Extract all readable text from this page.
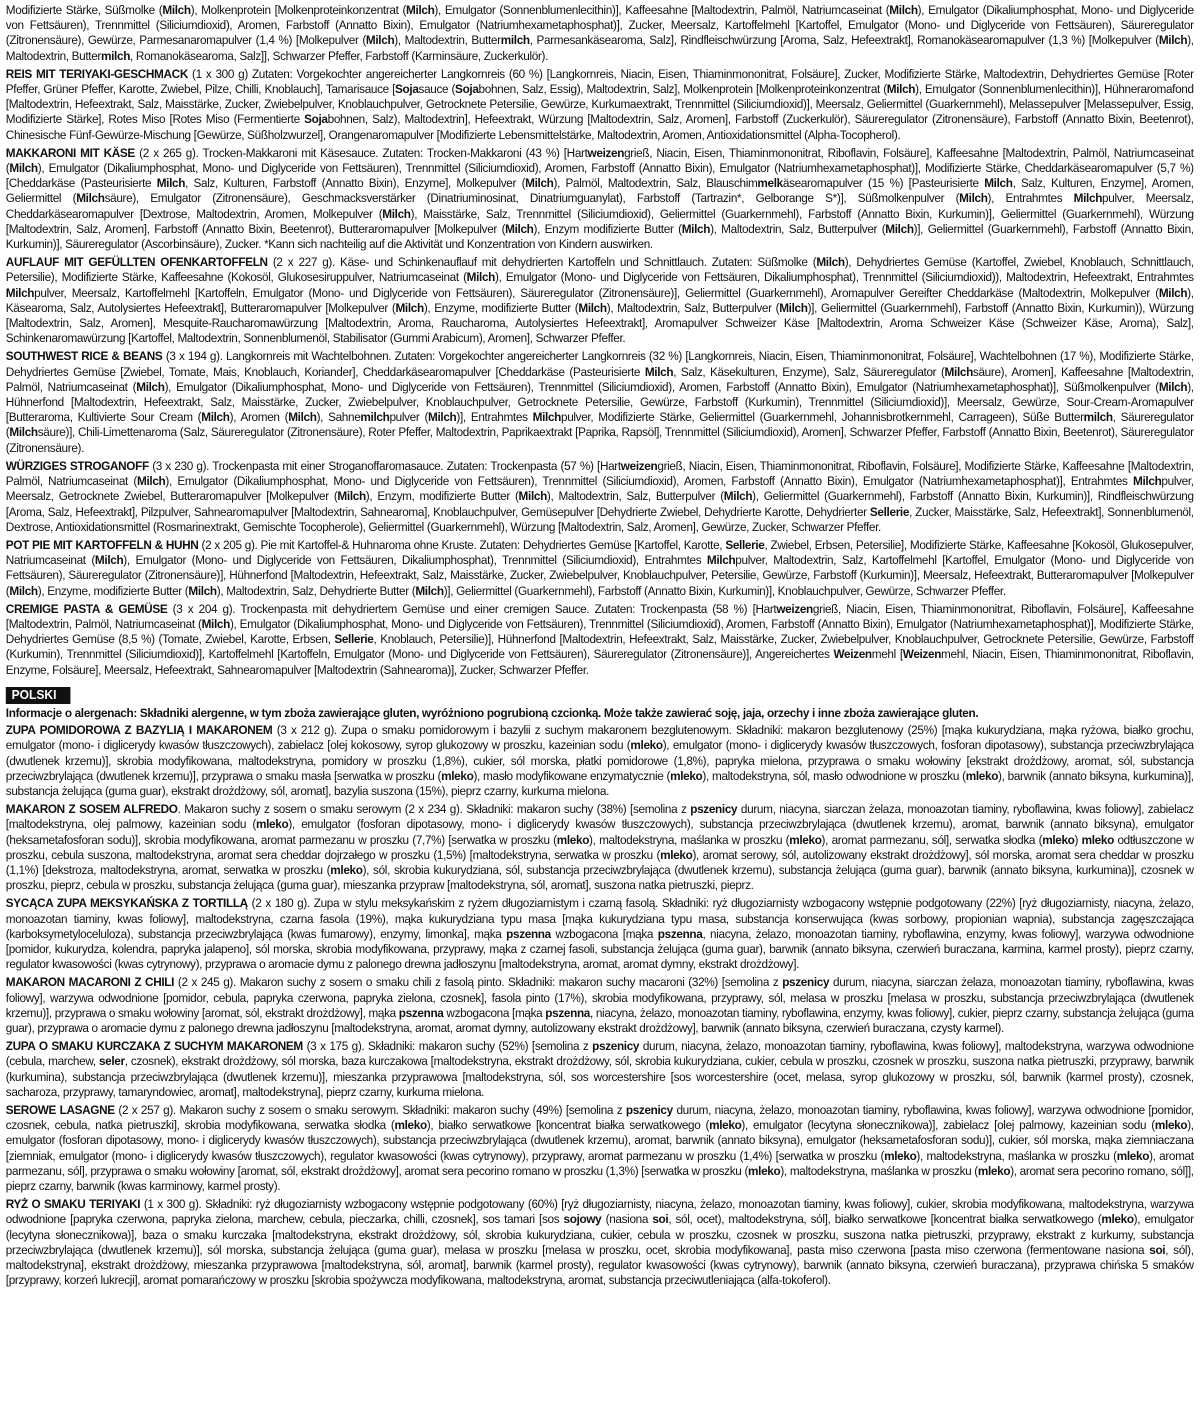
Modifizierte Stärke, Süßmolke (Milch), Molkenprotein [Molkenproteinkonzentrat (Milch), Emulgator (Sonnenblumenlecithin)], Kaffeesahne [Maltodextrin, Palmöl, Natriumcaseinat (Milch), Emulgator (Dikaliumphosphat, Mono- und Diglyceride von Fettsäuren), Trennmittel (Siliciumdioxid), Aromen, Farbstoff (Annatto Bixin), Emulgator (Natriumhexametaphosphat)], Zucker, Meersalz, Kartoffelmehl [Kartoffel, Emulgator (Mono- und Diglyceride von Fettsäuren), Säureregulator (Zitronensäure), Gewürze, Parmesanaromapulver (1,4 %) [Molkepulver (Milch), Maltodextrin, Buttermilch, Parmesankäsearoma, Salz], Rindfleischwürzung [Aroma, Salz, Hefeextrakt], Romanokäsearomapulver (1,3 %) [Molkepulver (Milch), Maltodextrin, Buttermilch, Romanokäsearoma, Salz]], Schwarzer Pfeffer, Farbstoff (Karminsäure, Zuckerkulör).
REIS MIT TERIYAKI-GESCHMACK (1 x 300 g) Zutaten: Vorgekochter angereicherter Langkornreis (60 %) [Langkornreis, Niacin, Eisen, Thiaminmononitrat, Folsäure], Zucker, Modifizierte Stärke, Maltodextrin, Dehydriertes Gemüse [Roter Pfeffer, Grüner Pfeffer, Karotte, Zwiebel, Pilze, Chilli, Knoblauch], Tamarisauce [Sojasauce (Sojabohnen, Salz, Essig), Maltodextrin, Salz], Molkenprotein [Molkenproteinkonzentrat (Milch), Emulgator (Sonnenblumenlecithin)], Hühneraromafond [Maltodextrin, Hefeextrakt, Salz, Maisstärke, Zucker, Zwiebelpulver, Knoblauchpulver, Getrocknete Petersilie, Gewürze, Kurkumaextrakt, Trennmittel (Siliciumdioxid)], Meersalz, Geliermittel (Guarkernmehl), Melassepulver [Melassepulver, Essig, Modifizierte Stärke], Rotes Miso [Rotes Miso (Fermentierte Sojabohnen, Salz), Maltodextrin], Hefeextrakt, Würzung [Maltodextrin, Salz, Aromen], Farbstoff (Zuckerkulör), Säureregulator (Zitronensäure), Farbstoff (Annatto Bixin, Beetenrot), Chinesische Fünf-Gewürze-Mischung [Gewürze, Süßholzwurzel], Orangenaromapulver [Modifizierte Lebensmittelstärke, Maltodextrin, Aromen, Antioxidationsmittel (Alpha-Tocopherol).
MAKKARONI MIT KÄSE (2 x 265 g). Trocken-Makkaroni mit Käsesauce. Zutaten: Trocken-Makkaroni (43 %) [Hartweizengrieß, Niacin, Eisen, Thiaminmononitrat, Riboflavin, Folsäure], Kaffeesahne [Maltodextrin, Palmöl, Natriumcaseinat (Milch), Emulgator (Dikaliumphosphat, Mono- und Diglyceride von Fettsäuren), Trennmittel (Siliciumdioxid), Aromen, Farbstoff (Annatto Bixin), Emulgator (Natriumhexametaphosphat)], Modifizierte Stärke, Cheddarkäsearomapulver (5,7 %) [Cheddarkäse (Pasteurisierte Milch, Salz, Kulturen, Farbstoff (Annatto Bixin), Enzyme], Molkepulver (Milch), Palmöl, Maltodextrin, Salz, Blauschimmelkäsearomapulver (15 %) [Pasteurisierte Milch, Salz, Kulturen, Enzyme], Aromen, Geliermittel (Milchsäure), Emulgator (Zitronensäure), Geschmacksverstärker (Dinatriuminosinat, Dinatriumguanylat), Farbstoff (Tartrazin*, Gelborange S*)], Süßmolkenpulver (Milch), Entrahmtes Milchpulver, Meersalz, Cheddarkäsearomapulver [Dextrose, Maltodextrin, Aromen, Molkepulver (Milch), Maisstärke, Salz, Trennmittel (Siliciumdioxid), Geliermittel (Guarkernmehl), Farbstoff (Annatto Bixin, Kurkumin)], Geliermittel (Guarkernmehl), Würzung [Maltodextrin, Salz, Aromen], Farbstoff (Annatto Bixin, Beetenrot), Butteraromapulver [Molkepulver (Milch), Enzym modifizierte Butter (Milch), Maltodextrin, Salz, Butterpulver (Milch)], Geliermittel (Guarkernmehl), Farbstoff (Annatto Bixin, Kurkumin)], Säureregulator (Ascorbinsäure), Zucker. *Kann sich nachteilig auf die Aktivität und Konzentration von Kindern auswirken.
AUFLAUF MIT GEFÜLLTEN OFENKARTOFFELN (2 x 227 g). Käse- und Schinkenauflauf mit dehydrierten Kartoffeln und Schnittlauch. Zutaten: Süßmolke (Milch), Dehydriertes Gemüse (Kartoffel, Zwiebel, Knoblauch, Schnittlauch, Petersilie), Modifizierte Stärke, Kaffeesahne (Kokosöl, Glukosesiruppulver, Natriumcaseinat (Milch), Emulgator (Mono- und Diglyceride von Fettsäuren, Dikaliumphosphat), Trennmittel (Siliciumdioxid)), Maltodextrin, Hefeextrakt, Entrahmtes Milchpulver, Meersalz, Kartoffelmehl [Kartoffeln, Emulgator (Mono- und Diglyceride von Fettsäuren), Säureregulator (Zitronensäure)], Geliermittel (Guarkernmehl), Aromapulver Gereifter Cheddarkäse (Maltodextrin, Molkepulver (Milch), Käsearoma, Salz, Autolysiertes Hefeextrakt], Butteraromapulver [Molkepulver (Milch), Enzyme, modifizierte Butter (Milch), Maltodextrin, Salz, Butterpulver (Milch)], Geliermittel (Guarkernmehl), Farbstoff (Annatto Bixin, Kurkumin)), Würzung [Maltodextrin, Salz, Aromen], Mesquite-Raucharomawürzung [Maltodextrin, Aroma, Raucharoma, Autolysiertes Hefeextrakt], Aromapulver Schweizer Käse [Maltodextrin, Aroma Schweizer Käse (Schweizer Käse, Aroma), Salz], Schinkenaromawürzung [Kartoffel, Maltodextrin, Sonnenblumenöl, Stabilisator (Gummi Arabicum), Aromen], Schwarzer Pfeffer.
SOUTHWEST RICE & BEANS (3 x 194 g). Langkornreis mit Wachtelbohnen. Zutaten: Vorgekochter angereicherter Langkornreis (32 %) [Langkornreis, Niacin, Eisen, Thiaminmononitrat, Folsäure], Wachtelbohnen (17 %), Modifizierte Stärke, Dehydriertes Gemüse [Zwiebel, Tomate, Mais, Knoblauch, Koriander], Cheddarkäsearomapulver [Cheddarkäse (Pasteurisierte Milch, Salz, Käsekulturen, Enzyme), Salz, Säureregulator (Milchsäure), Aromen], Kaffeesahne [Maltodextrin, Palmöl, Natriumcaseinat (Milch), Emulgator (Dikaliumphosphat, Mono- und Diglyceride von Fettsäuren), Trennmittel (Siliciumdioxid), Aromen, Farbstoff (Annatto Bixin), Emulgator (Natriumhexametaphosphat)], Süßmolkenpulver (Milch), Hühnerfond [Maltodextrin, Hefeextrakt, Salz, Maisstärke, Zucker, Zwiebelpulver, Knoblauchpulver, Getrocknete Petersilie, Gewürze, Farbstoff (Kurkumin), Trennmittel (Siliciumdioxid)], Meersalz, Gewürze, Sour-Cream-Aromapulver [Butteraroma, Kultivierte Sour Cream (Milch), Aromen (Milch), Sahnemilchpulver (Milch)], Entrahmtes Milchpulver, Modifizierte Stärke, Geliermittel (Guarkernmehl, Johannisbrotkernmehl, Carrageen), Süße Buttermilch, Säureregulator (Milchsäure)], Chili-Limettenaroma (Salz, Säureregulator (Zitronensäure), Roter Pfeffer, Maltodextrin, Paprikaextrakt [Paprika, Rapsöl], Trennmittel (Siliciumdioxid), Aromen], Schwarzer Pfeffer, Farbstoff (Annatto Bixin, Beetenrot), Säureregulator (Zitronensäure).
WÜRZIGES STROGANOFF (3 x 230 g). Trockenpasta mit einer Stroganoffaromasauce. Zutaten: Trockenpasta (57 %) [Hartweizengrieß, Niacin, Eisen, Thiaminmononitrat, Riboflavin, Folsäure], Modifizierte Stärke, Kaffeesahne [Maltodextrin, Palmöl, Natriumcaseinat (Milch), Emulgator (Dikaliumphosphat, Mono- und Diglyceride von Fettsäuren), Trennmittel (Siliciumdioxid), Aromen, Farbstoff (Annatto Bixin), Emulgator (Natriumhexametaphosphat)], Entrahmtes Milchpulver, Meersalz, Getrocknete Zwiebel, Butteraromapulver [Molkepulver (Milch), Enzym, modifizierte Butter (Milch), Maltodextrin, Salz, Butterpulver (Milch), Geliermittel (Guarkernmehl), Farbstoff (Annatto Bixin, Kurkumin)], Rindfleischwürzung [Aroma, Salz, Hefeextrakt], Pilzpulver, Sahnearomapulver [Maltodextrin, Sahnearoma], Knoblauchpulver, Gemüsepulver [Dehydrierte Zwiebel, Dehydrierte Karotte, Dehydrierter Sellerie, Zucker, Maisstärke, Salz, Hefeextrakt], Sonnenblumenöl, Dextrose, Antioxidationsmittel (Rosmarinextrakt, Gemischte Tocopherole), Geliermittel (Guarkernmehl), Würzung [Maltodextrin, Salz, Aromen], Gewürze, Zucker, Schwarzer Pfeffer.
POT PIE MIT KARTOFFELN & HUHN (2 x 205 g). Pie mit Kartoffel-& Huhnaroma ohne Kruste. Zutaten: Dehydriertes Gemüse [Kartoffel, Karotte, Sellerie, Zwiebel, Erbsen, Petersilie], Modifizierte Stärke, Kaffeesahne [Kokosöl, Glukosepulver, Natriumcaseinat (Milch), Emulgator (Mono- und Diglyceride von Fettsäuren, Dikaliumphosphat), Trennmittel (Siliciumdioxid), Entrahmtes Milchpulver, Maltodextrin, Salz, Kartoffelmehl [Kartoffel, Emulgator (Mono- und Diglyceride von Fettsäuren), Säureregulator (Zitronensäure)], Hühnerfond [Maltodextrin, Hefeextrakt, Salz, Maisstärke, Zucker, Zwiebelpulver, Knoblauchpulver, Petersilie, Gewürze, Farbstoff (Kurkumin)], Meersalz, Hefeextrakt, Butteraromapulver [Molkepulver (Milch), Enzyme, modifizierte Butter (Milch), Maltodextrin, Salz, Dehydrierte Butter (Milch)], Geliermittel (Guarkernmehl), Farbstoff (Annatto Bixin, Kurkumin)], Knoblauchpulver, Gewürze, Schwarzer Pfeffer.
CREMIGE PASTA & GEMÜSE (3 x 204 g). Trockenpasta mit dehydriertem Gemüse und einer cremigen Sauce. Zutaten: Trockenpasta (58 %) [Hartweizengrieß, Niacin, Eisen, Thiaminmononitrat, Riboflavin, Folsäure], Kaffeesahne [Maltodextrin, Palmöl, Natriumcaseinat (Milch), Emulgator (Dikaliumphosphat, Mono- und Diglyceride von Fettsäuren), Trennmittel (Siliciumdioxid), Aromen, Farbstoff (Annatto Bixin), Emulgator (Natriumhexametaphosphat)], Modifizierte Stärke, Dehydriertes Gemüse (8,5 %) (Tomate, Zwiebel, Karotte, Erbsen, Sellerie, Knoblauch, Petersilie)], Hühnerfond [Maltodextrin, Hefeextrakt, Salz, Maisstärke, Zucker, Zwiebelpulver, Knoblauchpulver, Getrocknete Petersilie, Gewürze, Farbstoff (Kurkumin), Trennmittel (Siliciumdioxid)], Kartoffelmehl [Kartoffeln, Emulgator (Mono- und Diglyceride von Fettsäuren), Säureregulator (Zitronensäure)], Angereichertes Weizenmehl [Weizenmehl, Niacin, Eisen, Thiaminmononitrat, Riboflavin, Enzyme, Folsäure], Meersalz, Hefeextrakt, Sahnearomapulver [Maltodextrin (Sahnearoma)], Zucker, Schwarzer Pfeffer.
POLSKI
Informacje o alergenach: Składniki alergenne, w tym zboża zawierające gluten, wyróżniono pogrubioną czcionką. Może także zawierać soję, jaja, orzechy i inne zboża zawierające gluten.
ZUPA POMIDOROWA Z BAZYLIĄ I MAKARONEM (3 x 212 g). Zupa o smaku pomidorowym i bazylii z suchym makaronem bezglutenowym. Składniki: makaron bezglutenowy (25%) [mąka kukurydziana, mąka ryżowa, białko grochu, emulgator (mono- i diglicerydy kwasów tłuszczowych), zabielacz [olej kokosowy, syrop glukozowy w proszku, kazeinian sodu (mleko), emulgator (mono- i diglicerydy kwasów tłuszczowych, fosforan dipotasowy), substancja przeciwzbrylająca (dwutlenek krzemu)], skrobia modyfikowana, maltodekstryna, pomidory w proszku (1,8%), cukier, sól morska, płatki pomidorowe (1,8%), papryka mielona, przyprawa o smaku wołowiny [ekstrakt drożdżowy, aromat, sól, substancja przeciwzbrylająca (dwutlenek krzemu)], przyprawa o smaku masła [serwatka w proszku (mleko), masło modyfikowane enzymatycznie (mleko), maltodekstryna, sól, masło odwodnione w proszku (mleko), barwnik (annato biksyna, kurkumina)], substancja żelująca (guma guar), ekstrakt drożdżowy, sól, aromat], bazylia suszona (15%), pieprz czarny, kurkuma mielona.
MAKARON Z SOSEM ALFREDO. Makaron suchy z sosem o smaku serowym (2 x 234 g). Składniki: makaron suchy (38%) [semolina z pszenicy durum, niacyna, siarczan żelaza, monoazotan tiaminy, ryboflawina, kwas foliowy], zabielacz [maltodekstryna, olej palmowy, kazeinian sodu (mleko), emulgator (fosforan dipotasowy, mono- i diglicerydy kwasów tłuszczowych), substancja przeciwzbrylająca (dwutlenek krzemu), aromat, barwnik (annato biksyna), emulgator (heksametafosforan sodu)], skrobia modyfikowana, aromat parmezanu w proszku (7,7%) [serwatka w proszku (mleko), maltodekstryna, maślanka w proszku (mleko), aromat parmezanu, sól], serwatka słodka (mleko) mleko odtłuszczone w proszku, cebula suszona, maltodekstryna, aromat sera cheddar dojrzałego w proszku (1,5%) [maltodekstryna, serwatka w proszku (mleko), aromat serowy, sól, autolizowany ekstrakt drożdżowy], sól morska, aromat sera cheddar w proszku (1,1%) [dekstroza, maltodekstryna, aromat, serwatka w proszku (mleko), sól, skrobia kukurydziana, sól, substancja przeciwzbrylająca (dwutlenek krzemu), substancja żelująca (guma guar), barwnik (annato biksyna, kurkumina)], czosnek w proszku, pieprz, cebula w proszku, substancja żelująca (guma guar), mieszanka przypraw [maltodekstryna, sól, aromat], suszona natka pietruszki, pieprz.
SYCĄCA ZUPA MEKSYKAŃSKA Z TORTILLĄ (2 x 180 g). Zupa w stylu meksykańskim z ryżem długoziarnistym i czarną fasolą. Składniki: ryż długoziarnisty wzbogacony wstępnie podgotowany (22%) [ryż długoziarnisty, niacyna, żelazo, monoazotan tiaminy, kwas foliowy], maltodekstryna, czarna fasola (19%), mąka kukurydziana typu masa [mąka kukurydziana typu masa, substancja konserwująca (kwas sorbowy, propionian wapnia), substancja zagęszczająca (karboksymetyloceluloza), substancja przeciwzbrylająca (kwas fumarowy), enzymy, limonka], mąka pszenna wzbogacona [mąka pszenna, niacyna, żelazo, monoazotan tiaminy, ryboflawina, enzymy, kwas foliowy], warzywa odwodnione [pomidor, kukurydza, kolendra, papryka jalapeno], sól morska, skrobia modyfikowana, przyprawy, mąka z czarnej fasoli, substancja żelująca (guma guar), barwnik (annato biksyna, czerwień buraczana, karmina, karmel prosty), pieprz czarny, regulator kwasowości (kwas cytrynowy), przyprawa o aromacie dymu z palonego drewna jadłoszynu [maltodekstryna, aromat, aromat dymny, ekstrakt drożdżowy].
MAKARON MACARONI Z CHILI (2 x 245 g). Makaron suchy z sosem o smaku chili z fasolą pinto. Składniki: makaron suchy macaroni (32%) [semolina z pszenicy durum, niacyna, siarczan żelaza, monoazotan tiaminy, ryboflawina, kwas foliowy], warzywa odwodnione [pomidor, cebula, papryka czerwona, papryka zielona, czosnek], fasola pinto (17%), skrobia modyfikowana, przyprawy, sól, melasa w proszku [melasa w proszku, substancja przeciwzbrylająca (dwutlenek krzemu)], przyprawa o smaku wołowiny [aromat, sól, ekstrakt drożdżowy], mąka pszenna wzbogacona [mąka pszenna, niacyna, żelazo, monoazotan tiaminy, ryboflawina, enzymy, kwas foliowy], cukier, pieprz czarny, substancja żelująca (guma guar), przyprawa o aromacie dymu z palonego drewna jadłoszynu [maltodekstryna, aromat, aromat dymny, autolizowany ekstrakt drożdżowy], barwnik (annato biksyna, czerwień buraczana, czysty karmel).
ZUPA O SMAKU KURCZAKA Z SUCHYM MAKARONEM (3 x 175 g). Składniki: makaron suchy (52%) [semolina z pszenicy durum, niacyna, żelazo, monoazotan tiaminy, ryboflawina, kwas foliowy], maltodekstryna, warzywa odwodnione (cebula, marchew, seler, czosnek), ekstrakt drożdżowy, sól morska, baza kurczakowa [maltodekstryna, ekstrakt drożdżowy, sól, skrobia kukurydziana, cukier, cebula w proszku, czosnek w proszku, suszona natka pietruszki, przyprawy, barwnik (kurkumina), substancja przeciwzbrylająca (dwutlenek krzemu)], mieszanka przyprawowa [maltodekstryna, sól, sos worcestershire [sos worcestershire (ocet, melasa, syrop glukozowy w proszku, sól, barwnik (karmel prosty), czosnek, sacharoza, przyprawy, tamaryndowiec, aromat], maltodekstryna], pieprz czarny, kurkuma mielona.
SEROWE LASAGNE (2 x 257 g). Makaron suchy z sosem o smaku serowym. Składniki: makaron suchy (49%) [semolina z pszenicy durum, niacyna, żelazo, monoazotan tiaminy, ryboflawina, kwas foliowy], warzywa odwodnione [pomidor, czosnek, cebula, natka pietruszki], skrobia modyfikowana, serwatka słodka (mleko), białko serwatkowe [koncentrat białka serwatkowego (mleko), emulgator (lecytyna słonecznikowa)], zabielacz [olej palmowy, kazeinian sodu (mleko), emulgator (fosforan dipotasowy, mono- i diglicerydy kwasów tłuszczowych), substancja przeciwzbrylająca (dwutlenek krzemu), aromat, barwnik (annato biksyna), emulgator (heksametafosforan sodu)], cukier, sól morska, mąka ziemniaczana [ziemniak, emulgator (mono- i diglicerydy kwasów tłuszczowych), regulator kwasowości (kwas cytrynowy), przyprawy, aromat parmezanu w proszku (1,4%) [serwatka w proszku (mleko), maltodekstryna, maślanka w proszku (mleko), aromat parmezanu, sól], przyprawa o smaku wołowiny [aromat, sól, ekstrakt drożdżowy], aromat sera pecorino romano w proszku (1,3%) [serwatka w proszku (mleko), maltodekstryna, maślanka w proszku (mleko), aromat sera pecorino romano, sól]], pieprz czarny, barwnik (kwas karminowy, karmel prosty).
RYŻ O SMAKU TERIYAKI (1 x 300 g). Składniki: ryż długoziarnisty wzbogacony wstępnie podgotowany (60%) [ryż długoziarnisty, niacyna, żelazo, monoazotan tiaminy, kwas foliowy], cukier, skrobia modyfikowana, maltodekstryna, warzywa odwodnione [papryka czerwona, papryka zielona, marchew, cebula, pieczarka, chilli, czosnek], sos tamari [sos sojowy (nasiona soi, sól, ocet), maltodekstryna, sól], białko serwatkowe [koncentrat białka serwatkowego (mleko), emulgator (lecytyna słonecznikowa)], baza o smaku kurczaka [maltodekstryna, ekstrakt drożdżowy, sól, skrobia kukurydziana, cukier, cebula w proszku, czosnek w proszku, suszona natka pietruszki, przyprawy, ekstrakt z kurkumy, substancja przeciwzbrylająca (dwutlenek krzemu)], sól morska, substancja żelująca (guma guar), melasa w proszku [melasa w proszku, ocet, skrobia modyfikowana], pasta miso czerwona [pasta miso czerwona (fermentowane nasiona soi, sól), maltodekstryna], ekstrakt drożdżowy, mieszanka przyprawowa [maltodekstryna, sól, aromat], barwnik (karmel prosty), regulator kwasowości (kwas cytrynowy), barwnik (annato biksyna, czerwień buraczana), przyprawa chińska 5 smaków [przyprawy, korzeń lukrecji], aromat pomarańczowy w proszku [skrobia spożywcza modyfikowana, maltodekstryna, aromat, substancja przeciwutleniająca (alfa-tokoferol).
